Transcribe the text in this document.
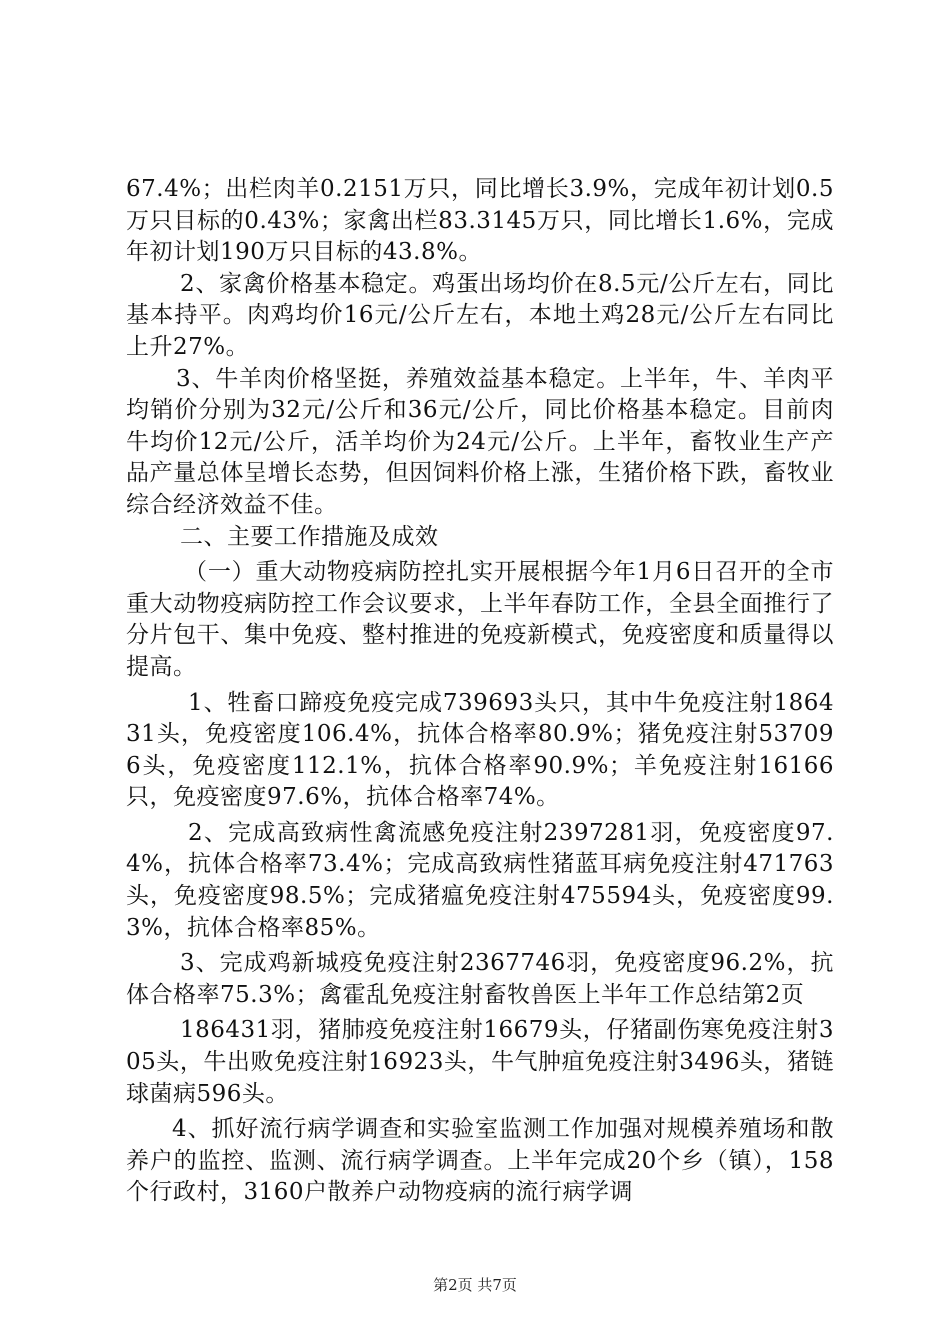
67.4%；出栏肉羊0.2151万只，同比增长3.9%，完成年初计划0.5万只目标的0.43%；家禽出栏83.3145万只，同比增长1.6%，完成年初计划190万只目标的43.8%。

2、家禽价格基本稳定。鸡蛋出场均价在8.5元/公斤左右，同比基本持平。肉鸡均价16元/公斤左右，本地土鸡28元/公斤左右同比上升27%。

3、牛羊肉价格坚挺，养殖效益基本稳定。上半年，牛、羊肉平均销价分别为32元/公斤和36元/公斤，同比价格基本稳定。目前肉牛均价12元/公斤，活羊均价为24元/公斤。上半年，畜牧业生产产品产量总体呈增长态势，但因饲料价格上涨，生猪价格下跌，畜牧业综合经济效益不佳。

二、主要工作措施及成效

（一）重大动物疫病防控扎实开展根据今年1月6日召开的全市重大动物疫病防控工作会议要求，上半年春防工作，全县全面推行了分片包干、集中免疫、整村推进的免疫新模式，免疫密度和质量得以提高。

1、牲畜口蹄疫免疫完成739693头只，其中牛免疫注射186431头，免疫密度106.4%，抗体合格率80.9%；猪免疫注射537096头，免疫密度112.1%，抗体合格率90.9%；羊免疫注射16166只，免疫密度97.6%，抗体合格率74%。

2、完成高致病性禽流感免疫注射2397281羽，免疫密度97.4%，抗体合格率73.4%；完成高致病性猪蓝耳病免疫注射471763头，免疫密度98.5%；完成猪瘟免疫注射475594头，免疫密度99.3%，抗体合格率85%。

3、完成鸡新城疫免疫注射2367746羽，免疫密度96.2%，抗体合格率75.3%；禽霍乱免疫注射畜牧兽医上半年工作总结第2页

186431羽，猪肺疫免疫注射16679头，仔猪副伤寒免疫注射305头，牛出败免疫注射16923头，牛气肿疽免疫注射3496头，猪链球菌病596头。

4、抓好流行病学调查和实验室监测工作加强对规模养殖场和散养户的监控、监测、流行病学调查。上半年完成20个乡（镇），158个行政村，3160户散养户动物疫病的流行病学调

第2页 共7页
